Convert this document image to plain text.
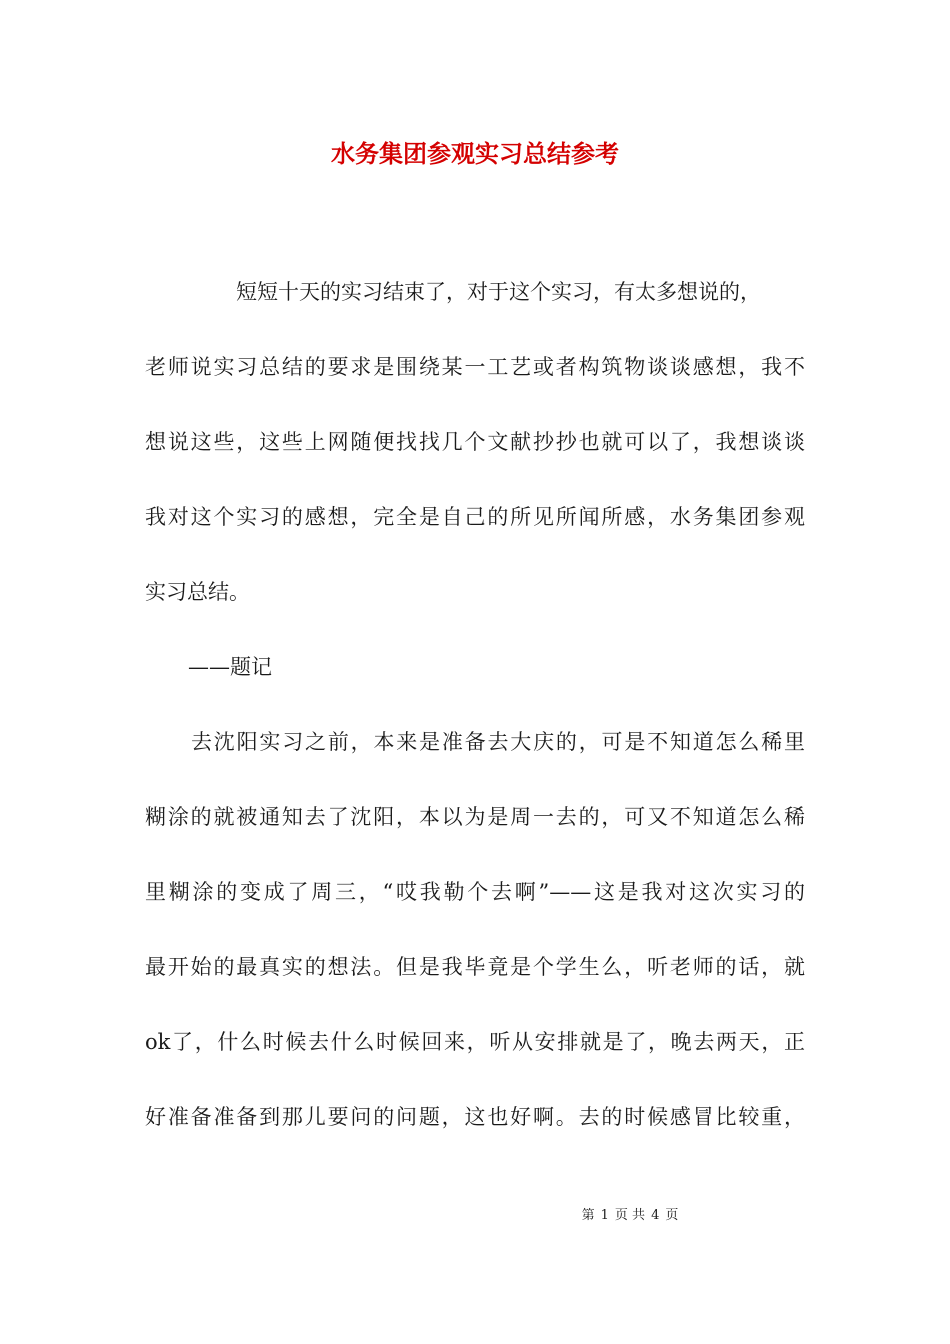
水务集团参观实习总结参考
短短十天的实习结束了，对于这个实习，有太多想说的，
老师说实习总结的要求是围绕某一工艺或者构筑物谈谈感想，我不
想说这些，这些上网随便找找几个文献抄抄也就可以了，我想谈谈
我对这个实习的感想，完全是自己的所见所闻所感，水务集团参观
实习总结。
——题记
去沈阳实习之前，本来是准备去大庆的，可是不知道怎么稀里
糊涂的就被通知去了沈阳，本以为是周一去的，可又不知道怎么稀
里糊涂的变成了周三，“哎我勒个去啊”——这是我对这次实习的
最开始的最真实的想法。但是我毕竟是个学生么，听老师的话，就
ok了，什么时候去什么时候回来，听从安排就是了，晚去两天，正
好准备准备到那儿要问的问题，这也好啊。去的时候感冒比较重，
第 1 页 共 4 页
